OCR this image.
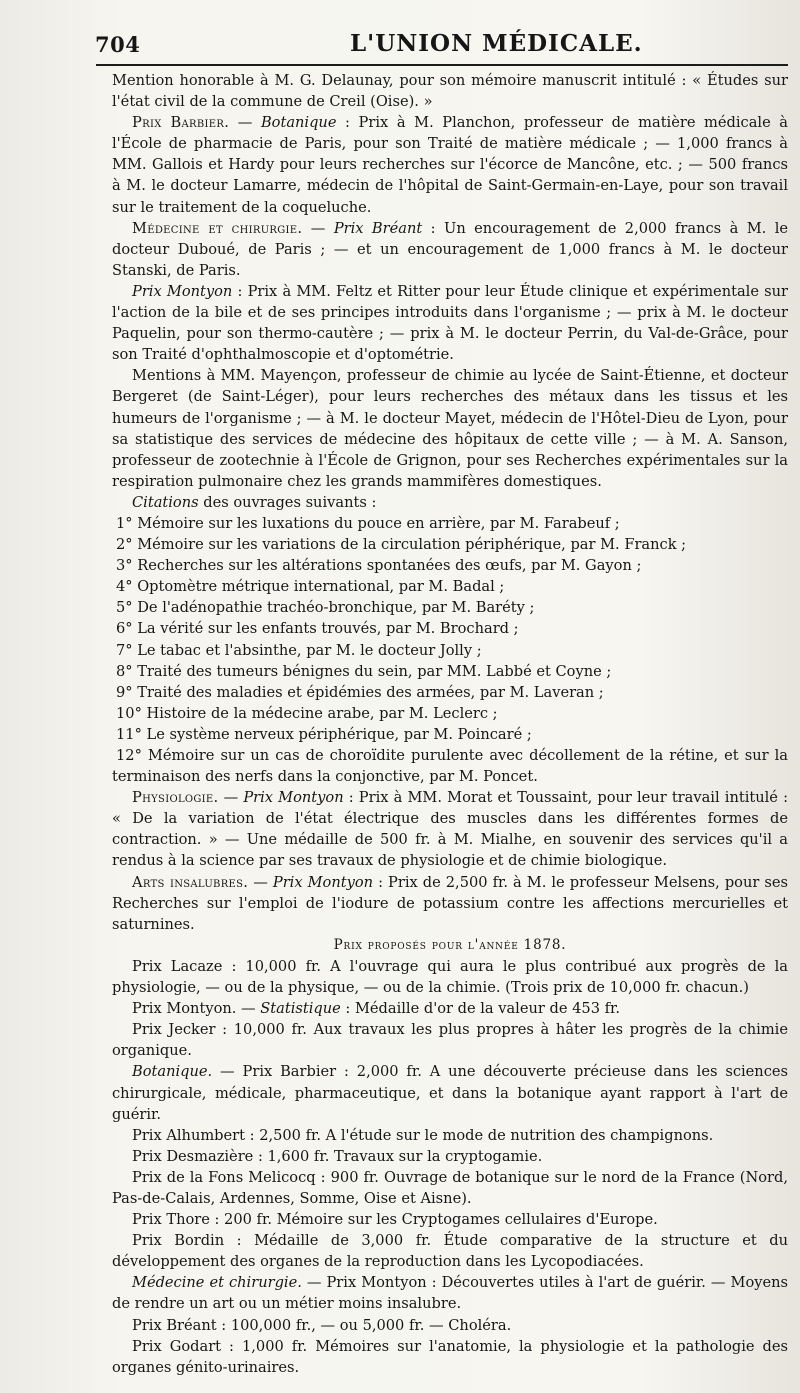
704	L'UNION MÉDICALE.

Mention honorable à M. G. Delaunay, pour son mémoire manuscrit intitulé : « Études sur l'état civil de la commune de Creil (Oise). »

Prix Barbier. — Botanique : Prix à M. Planchon, professeur de matière médicale à l'École de pharmacie de Paris, pour son Traité de matière médicale ; — 1,000 francs à MM. Gallois et Hardy pour leurs recherches sur l'écorce de Mancône, etc. ; — 500 francs à M. le docteur Lamarre, médecin de l'hôpital de Saint-Germain-en-Laye, pour son travail sur le traitement de la coqueluche.

Médecine et chirurgie. — Prix Bréant : Un encouragement de 2,000 francs à M. le docteur Duboué, de Paris ; — et un encouragement de 1,000 francs à M. le docteur Stanski, de Paris.

Prix Montyon : Prix à MM. Feltz et Ritter pour leur Étude clinique et expérimentale sur l'action de la bile et de ses principes introduits dans l'organisme ; — prix à M. le docteur Paquelin, pour son thermo-cautère ; — prix à M. le docteur Perrin, du Val-de-Grâce, pour son Traité d'ophthalmoscopie et d'optométrie.

Mentions à MM. Mayençon, professeur de chimie au lycée de Saint-Étienne, et docteur Bergeret (de Saint-Léger), pour leurs recherches des métaux dans les tissus et les humeurs de l'organisme ; — à M. le docteur Mayet, médecin de l'Hôtel-Dieu de Lyon, pour sa statistique des services de médecine des hôpitaux de cette ville ; — à M. A. Sanson, professeur de zootechnie à l'École de Grignon, pour ses Recherches expérimentales sur la respiration pulmonaire chez les grands mammifères domestiques.

Citations des ouvrages suivants :

1° Mémoire sur les luxations du pouce en arrière, par M. Farabeuf ;

2° Mémoire sur les variations de la circulation périphérique, par M. Franck ;

3° Recherches sur les altérations spontanées des œufs, par M. Gayon ;

4° Optomètre métrique international, par M. Badal ;

5° De l'adénopathie trachéo-bronchique, par M. Baréty ;

6° La vérité sur les enfants trouvés, par M. Brochard ;

7° Le tabac et l'absinthe, par M. le docteur Jolly ;

8° Traité des tumeurs bénignes du sein, par MM. Labbé et Coyne ;

9° Traité des maladies et épidémies des armées, par M. Laveran ;

10° Histoire de la médecine arabe, par M. Leclerc ;

11° Le système nerveux périphérique, par M. Poincaré ;

12° Mémoire sur un cas de choroïdite purulente avec décollement de la rétine, et sur la terminaison des nerfs dans la conjonctive, par M. Poncet.

Physiologie. — Prix Montyon : Prix à MM. Morat et Toussaint, pour leur travail intitulé : « De la variation de l'état électrique des muscles dans les différentes formes de contraction. » — Une médaille de 500 fr. à M. Mialhe, en souvenir des services qu'il a rendus à la science par ses travaux de physiologie et de chimie biologique.

Arts insalubres. — Prix Montyon : Prix de 2,500 fr. à M. le professeur Melsens, pour ses Recherches sur l'emploi de l'iodure de potassium contre les affections mercurielles et saturnines.

Prix proposés pour l'année 1878.

Prix Lacaze : 10,000 fr. A l'ouvrage qui aura le plus contribué aux progrès de la physiologie, — ou de la physique, — ou de la chimie. (Trois prix de 10,000 fr. chacun.)

Prix Montyon. — Statistique : Médaille d'or de la valeur de 453 fr.

Prix Jecker : 10,000 fr. Aux travaux les plus propres à hâter les progrès de la chimie organique.

Botanique. — Prix Barbier : 2,000 fr. A une découverte précieuse dans les sciences chirurgicale, médicale, pharmaceutique, et dans la botanique ayant rapport à l'art de guérir.

Prix Alhumbert : 2,500 fr. A l'étude sur le mode de nutrition des champignons.

Prix Desmazière : 1,600 fr. Travaux sur la cryptogamie.

Prix de la Fons Melicocq : 900 fr. Ouvrage de botanique sur le nord de la France (Nord, Pas-de-Calais, Ardennes, Somme, Oise et Aisne).

Prix Thore : 200 fr. Mémoire sur les Cryptogames cellulaires d'Europe.

Prix Bordin : Médaille de 3,000 fr. Étude comparative de la structure et du développement des organes de la reproduction dans les Lycopodiacées.

Médecine et chirurgie. — Prix Montyon : Découvertes utiles à l'art de guérir. — Moyens de rendre un art ou un métier moins insalubre.

Prix Bréant : 100,000 fr., — ou 5,000 fr. — Choléra.

Prix Godart : 1,000 fr. Mémoires sur l'anatomie, la physiologie et la pathologie des organes génito-urinaires.
